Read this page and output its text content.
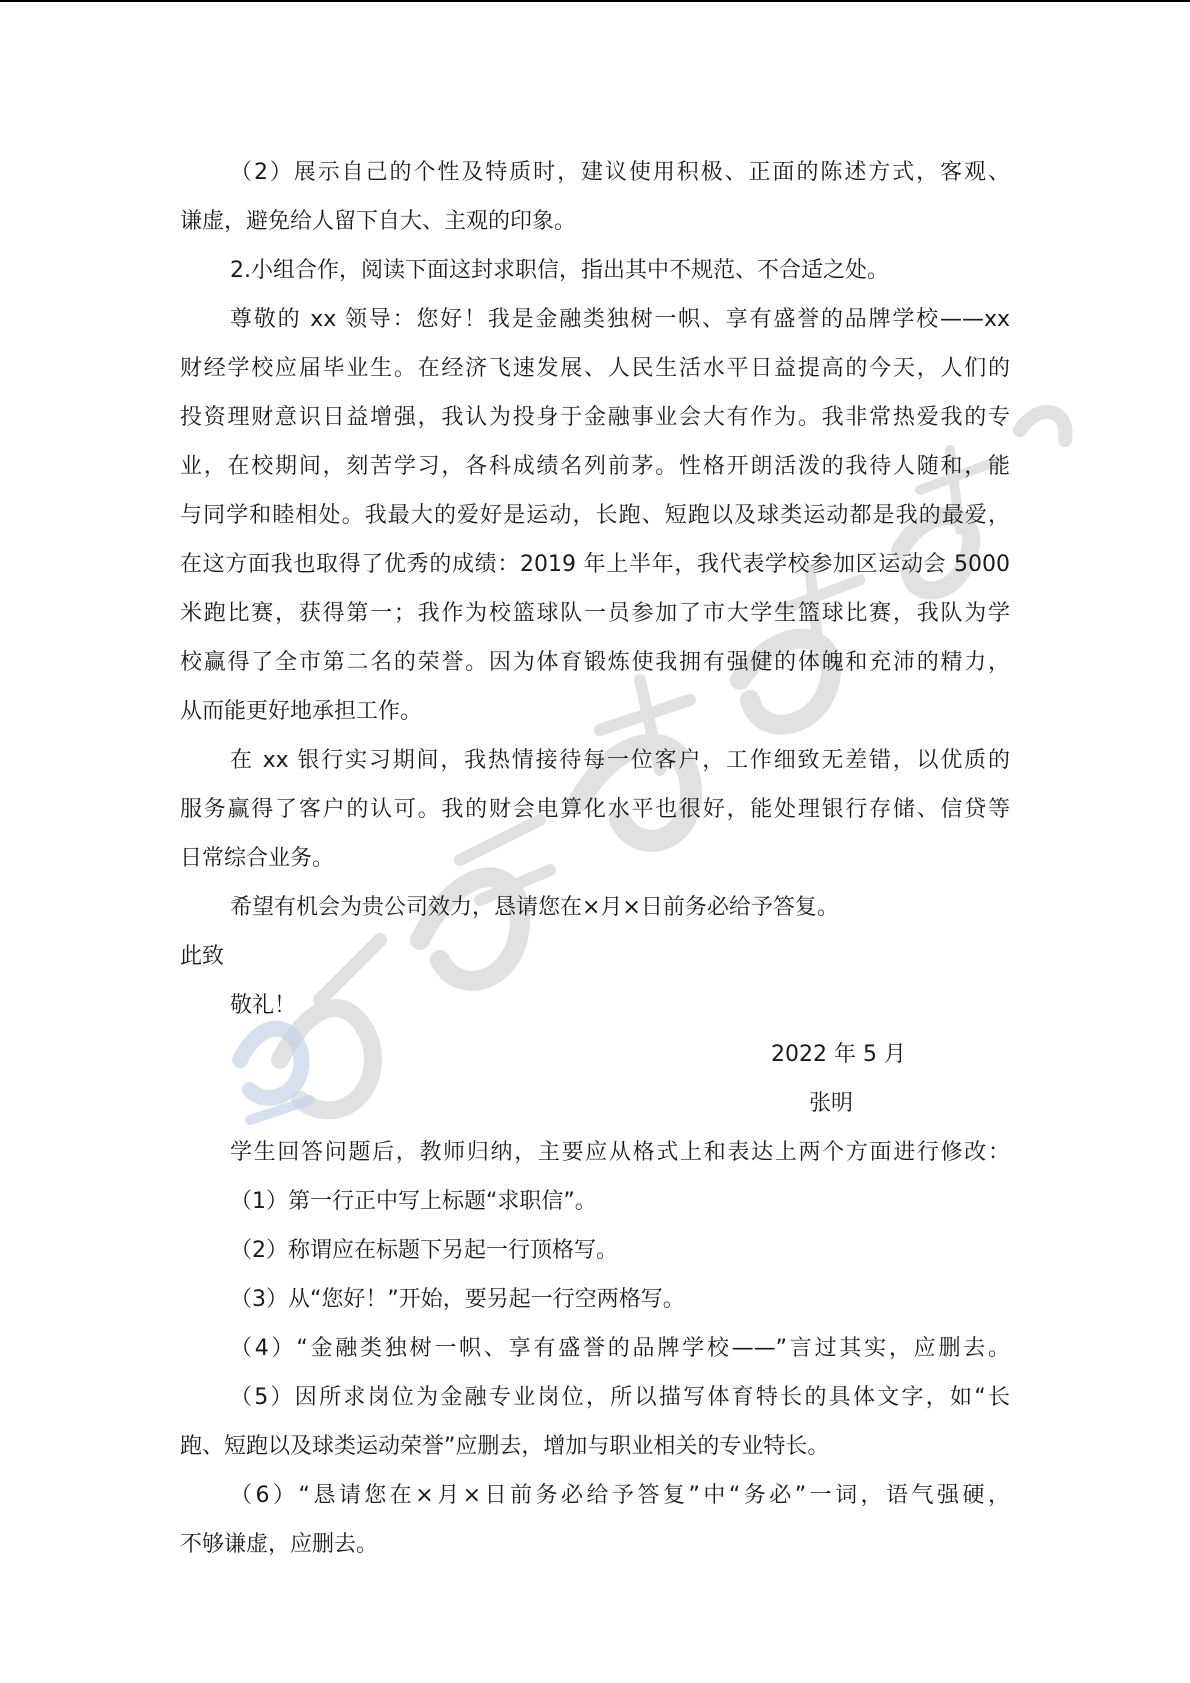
（2）展示自己的个性及特质时，建议使用积极、正面的陈述方式，客观、

谦虚，避免给人留下自大、主观的印象。

2.小组合作，阅读下面这封求职信，指出其中不规范、不合适之处。

尊敬的 xx 领导：您好！我是金融类独树一帜、享有盛誉的品牌学校——xx

财经学校应届毕业生。在经济飞速发展、人民生活水平日益提高的今天，人们的

投资理财意识日益增强，我认为投身于金融事业会大有作为。我非常热爱我的专

业，在校期间，刻苦学习，各科成绩名列前茅。性格开朗活泼的我待人随和，能

与同学和睦相处。我最大的爱好是运动，长跑、短跑以及球类运动都是我的最爱，

在这方面我也取得了优秀的成绩：2019 年上半年，我代表学校参加区运动会 5000

米跑比赛，获得第一；我作为校篮球队一员参加了市大学生篮球比赛，我队为学

校赢得了全市第二名的荣誉。因为体育锻炼使我拥有强健的体魄和充沛的精力，

从而能更好地承担工作。

在 xx 银行实习期间，我热情接待每一位客户，工作细致无差错，以优质的

服务赢得了客户的认可。我的财会电算化水平也很好，能处理银行存储、信贷等

日常综合业务。

希望有机会为贵公司效力，恳请您在×月×日前务必给予答复。

此致

敬礼！

2022 年 5 月

张明

学生回答问题后，教师归纳，主要应从格式上和表达上两个方面进行修改：

（1）第一行正中写上标题“求职信”。

（2）称谓应在标题下另起一行顶格写。

（3）从“您好！”开始，要另起一行空两格写。

（4）“金融类独树一帜、享有盛誉的品牌学校——”言过其实，应删去。

（5）因所求岗位为金融专业岗位，所以描写体育特长的具体文字，如“长

跑、短跑以及球类运动荣誉”应删去，增加与职业相关的专业特长。

（6）“恳请您在×月×日前务必给予答复”中“务必”一词，语气强硬，

不够谦虚，应删去。
